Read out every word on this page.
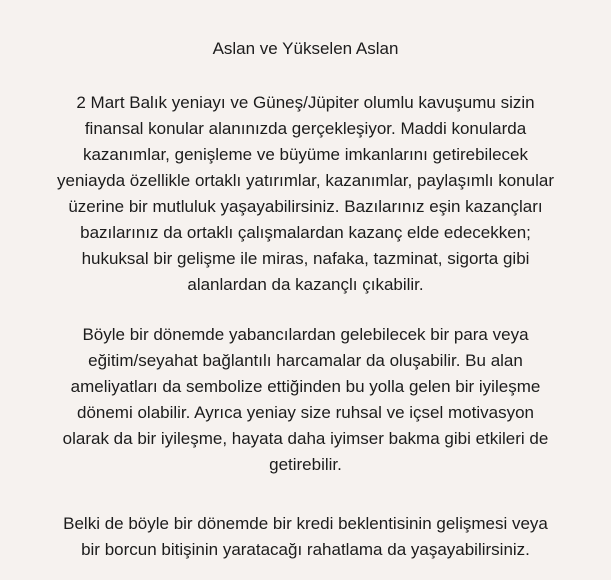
Aslan ve Yükselen Aslan
2 Mart Balık yeniayı ve Güneş/Jüpiter olumlu kavuşumu sizin
finansal konular alanınızda gerçekleşiyor. Maddi konularda
kazanımlar, genişleme ve büyüme imkanlarını getirebilecek
yeniayda özellikle ortaklı yatırımlar, kazanımlar, paylaşımlı konular
üzerine bir mutluluk yaşayabilirsiniz. Bazılarınız eşin kazançları
bazılarınız da ortaklı çalışmalardan kazanç elde edecekken;
hukuksal bir gelişme ile miras, nafaka, tazminat, sigorta gibi
alanlardan da kazançlı çıkabilir.
Böyle bir dönemde yabancılardan gelebilecek bir para veya
eğitim/seyahat bağlantılı harcamalar da oluşabilir. Bu alan
ameliyatları da sembolize ettiğinden bu yolla gelen bir iyileşme
dönemi olabilir. Ayrıca yeniay size ruhsal ve içsel motivasyon
olarak da bir iyileşme, hayata daha iyimser bakma gibi etkileri de
getirebilir.
Belki de böyle bir dönemde bir kredi beklentisinin gelişmesi veya
bir borcun bitişinin yaratacağı rahatlama da yaşayabilirsiniz.
